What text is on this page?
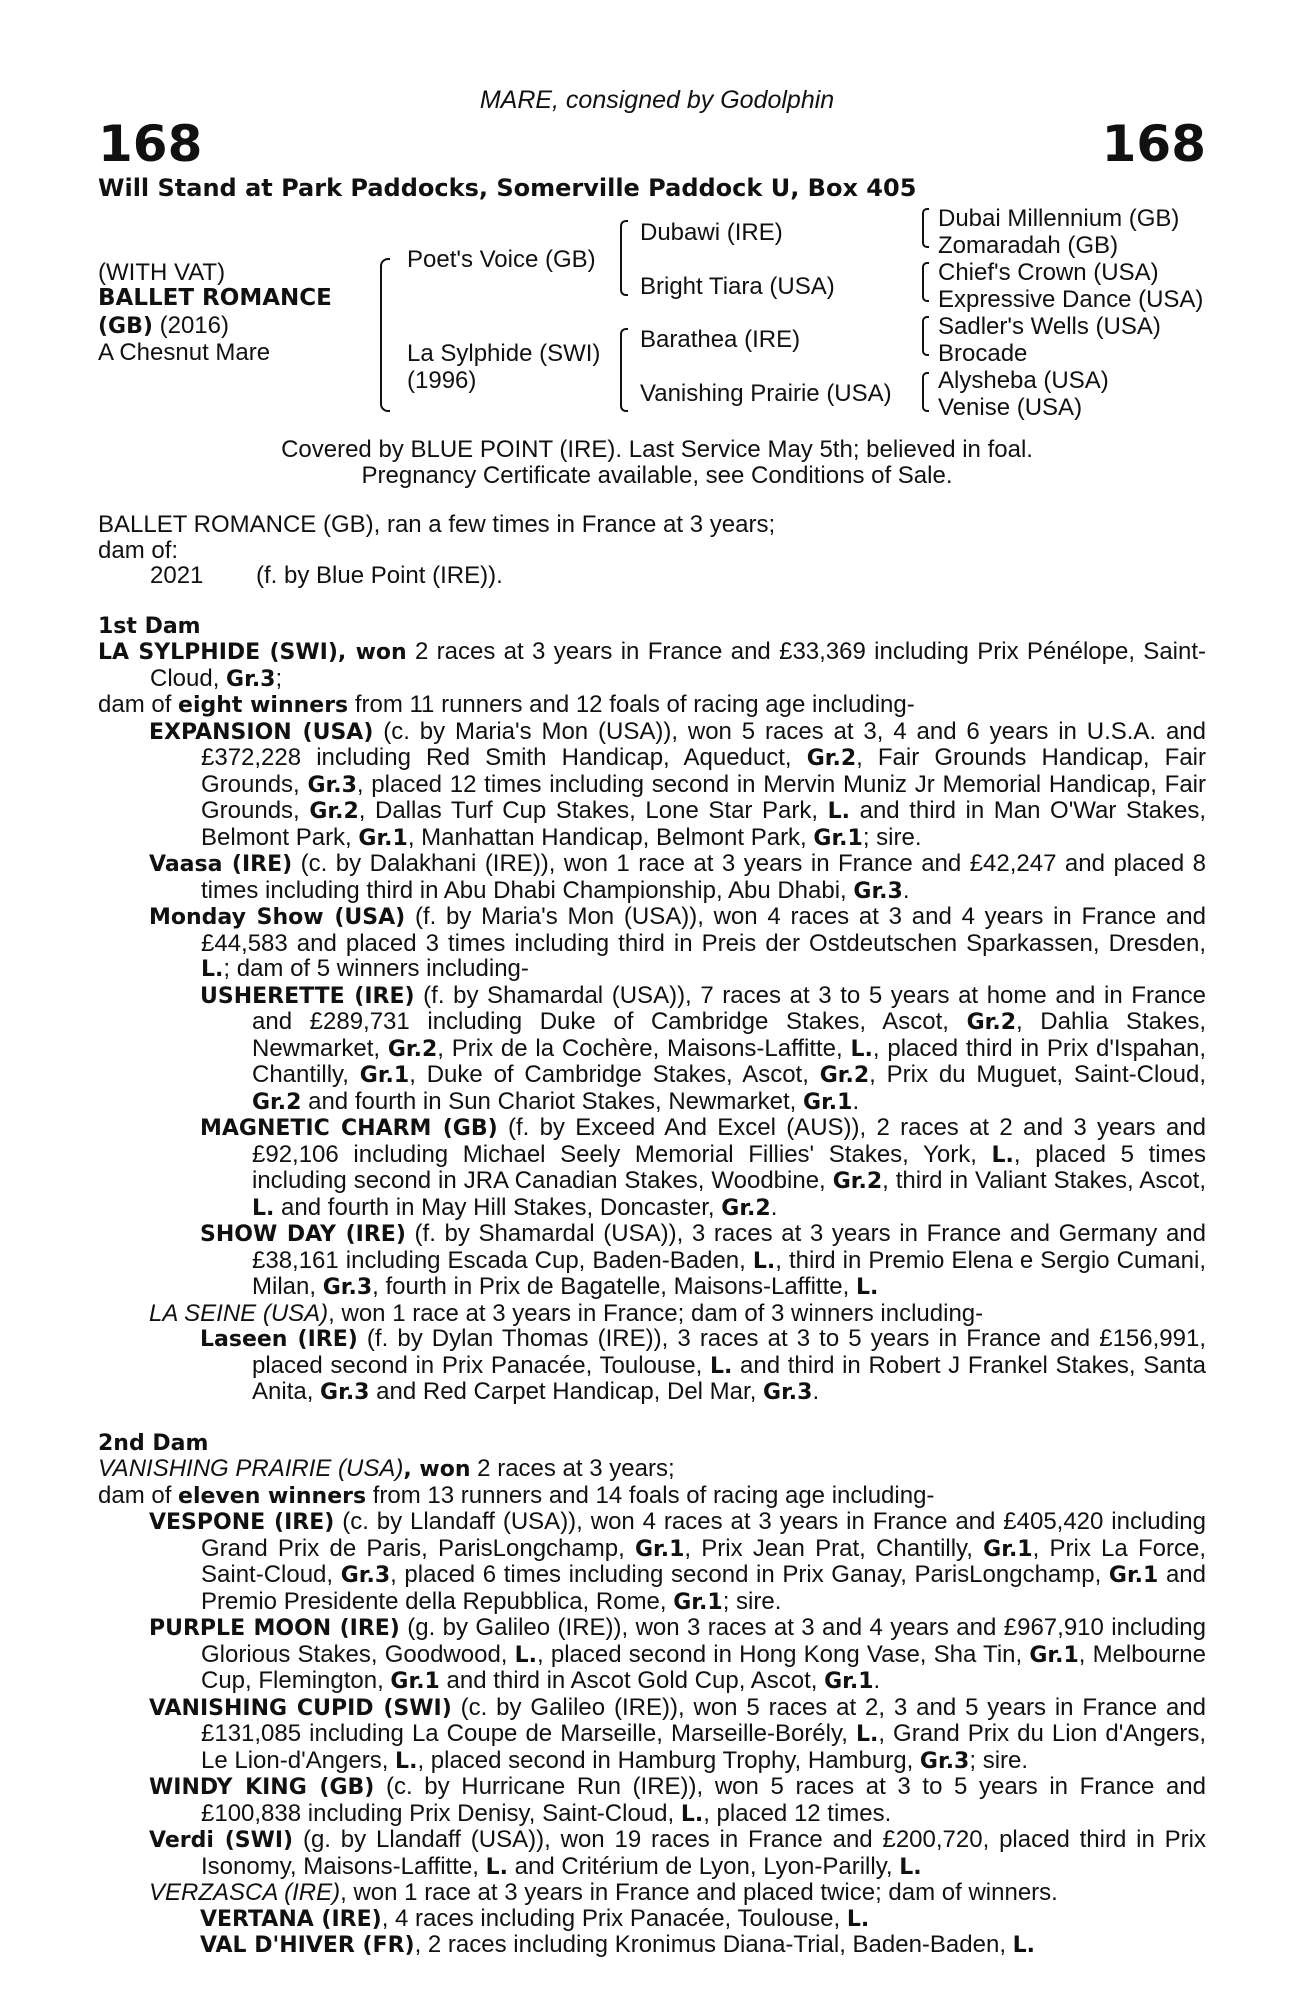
MARE, consigned by Godolphin
168	168
Will Stand at Park Paddocks, Somerville Paddock U, Box 405
(WITH VAT)
BALLET ROMANCE
(GB) (2016)
A Chesnut Mare
Poet's Voice (GB)
Dubawi (IRE)
Bright Tiara (USA)
Dubai Millennium (GB)
Zomaradah (GB)
Chief's Crown (USA)
Expressive Dance (USA)
La Sylphide (SWI)
(1996)
Barathea (IRE)
Vanishing Prairie (USA)
Sadler's Wells (USA)
Brocade
Alysheba (USA)
Venise (USA)
Covered by BLUE POINT (IRE). Last Service May 5th; believed in foal.
Pregnancy Certificate available, see Conditions of Sale.

BALLET ROMANCE (GB), ran a few times in France at 3 years;

dam of:

2021 (f. by Blue Point (IRE)).

1st Dam

LA SYLPHIDE (SWI), won 2 races at 3 years in France and £33,369 including Prix Pénélope, Saint-Cloud, Gr.3;

dam of eight winners from 11 runners and 12 foals of racing age including-

EXPANSION (USA) (c. by Maria's Mon (USA)), won 5 races at 3, 4 and 6 years in U.S.A. and £372,228 including Red Smith Handicap, Aqueduct, Gr.2, Fair Grounds Handicap, Fair Grounds, Gr.3, placed 12 times including second in Mervin Muniz Jr Memorial Handicap, Fair Grounds, Gr.2, Dallas Turf Cup Stakes, Lone Star Park, L. and third in Man O'War Stakes, Belmont Park, Gr.1, Manhattan Handicap, Belmont Park, Gr.1; sire.

Vaasa (IRE) (c. by Dalakhani (IRE)), won 1 race at 3 years in France and £42,247 and placed 8 times including third in Abu Dhabi Championship, Abu Dhabi, Gr.3.

Monday Show (USA) (f. by Maria's Mon (USA)), won 4 races at 3 and 4 years in France and £44,583 and placed 3 times including third in Preis der Ostdeutschen Sparkassen, Dresden, L.; dam of 5 winners including-

USHERETTE (IRE) (f. by Shamardal (USA)), 7 races at 3 to 5 years at home and in France and £289,731 including Duke of Cambridge Stakes, Ascot, Gr.2, Dahlia Stakes, Newmarket, Gr.2, Prix de la Cochère, Maisons-Laffitte, L., placed third in Prix d'Ispahan, Chantilly, Gr.1, Duke of Cambridge Stakes, Ascot, Gr.2, Prix du Muguet, Saint-Cloud, Gr.2 and fourth in Sun Chariot Stakes, Newmarket, Gr.1.

MAGNETIC CHARM (GB) (f. by Exceed And Excel (AUS)), 2 races at 2 and 3 years and £92,106 including Michael Seely Memorial Fillies' Stakes, York, L., placed 5 times including second in JRA Canadian Stakes, Woodbine, Gr.2, third in Valiant Stakes, Ascot, L. and fourth in May Hill Stakes, Doncaster, Gr.2.

SHOW DAY (IRE) (f. by Shamardal (USA)), 3 races at 3 years in France and Germany and £38,161 including Escada Cup, Baden-Baden, L., third in Premio Elena e Sergio Cumani, Milan, Gr.3, fourth in Prix de Bagatelle, Maisons-Laffitte, L.

LA SEINE (USA), won 1 race at 3 years in France; dam of 3 winners including-

Laseen (IRE) (f. by Dylan Thomas (IRE)), 3 races at 3 to 5 years in France and £156,991, placed second in Prix Panacée, Toulouse, L. and third in Robert J Frankel Stakes, Santa Anita, Gr.3 and Red Carpet Handicap, Del Mar, Gr.3.

2nd Dam

VANISHING PRAIRIE (USA), won 2 races at 3 years;

dam of eleven winners from 13 runners and 14 foals of racing age including-

VESPONE (IRE) (c. by Llandaff (USA)), won 4 races at 3 years in France and £405,420 including Grand Prix de Paris, ParisLongchamp, Gr.1, Prix Jean Prat, Chantilly, Gr.1, Prix La Force, Saint-Cloud, Gr.3, placed 6 times including second in Prix Ganay, ParisLongchamp, Gr.1 and Premio Presidente della Repubblica, Rome, Gr.1; sire.

PURPLE MOON (IRE) (g. by Galileo (IRE)), won 3 races at 3 and 4 years and £967,910 including Glorious Stakes, Goodwood, L., placed second in Hong Kong Vase, Sha Tin, Gr.1, Melbourne Cup, Flemington, Gr.1 and third in Ascot Gold Cup, Ascot, Gr.1.

VANISHING CUPID (SWI) (c. by Galileo (IRE)), won 5 races at 2, 3 and 5 years in France and £131,085 including La Coupe de Marseille, Marseille-Borély, L., Grand Prix du Lion d'Angers, Le Lion-d'Angers, L., placed second in Hamburg Trophy, Hamburg, Gr.3; sire.

WINDY KING (GB) (c. by Hurricane Run (IRE)), won 5 races at 3 to 5 years in France and £100,838 including Prix Denisy, Saint-Cloud, L., placed 12 times.

Verdi (SWI) (g. by Llandaff (USA)), won 19 races in France and £200,720, placed third in Prix Isonomy, Maisons-Laffitte, L. and Critérium de Lyon, Lyon-Parilly, L.

VERZASCA (IRE), won 1 race at 3 years in France and placed twice; dam of winners.

VERTANA (IRE), 4 races including Prix Panacée, Toulouse, L.

VAL D'HIVER (FR), 2 races including Kronimus Diana-Trial, Baden-Baden, L.
